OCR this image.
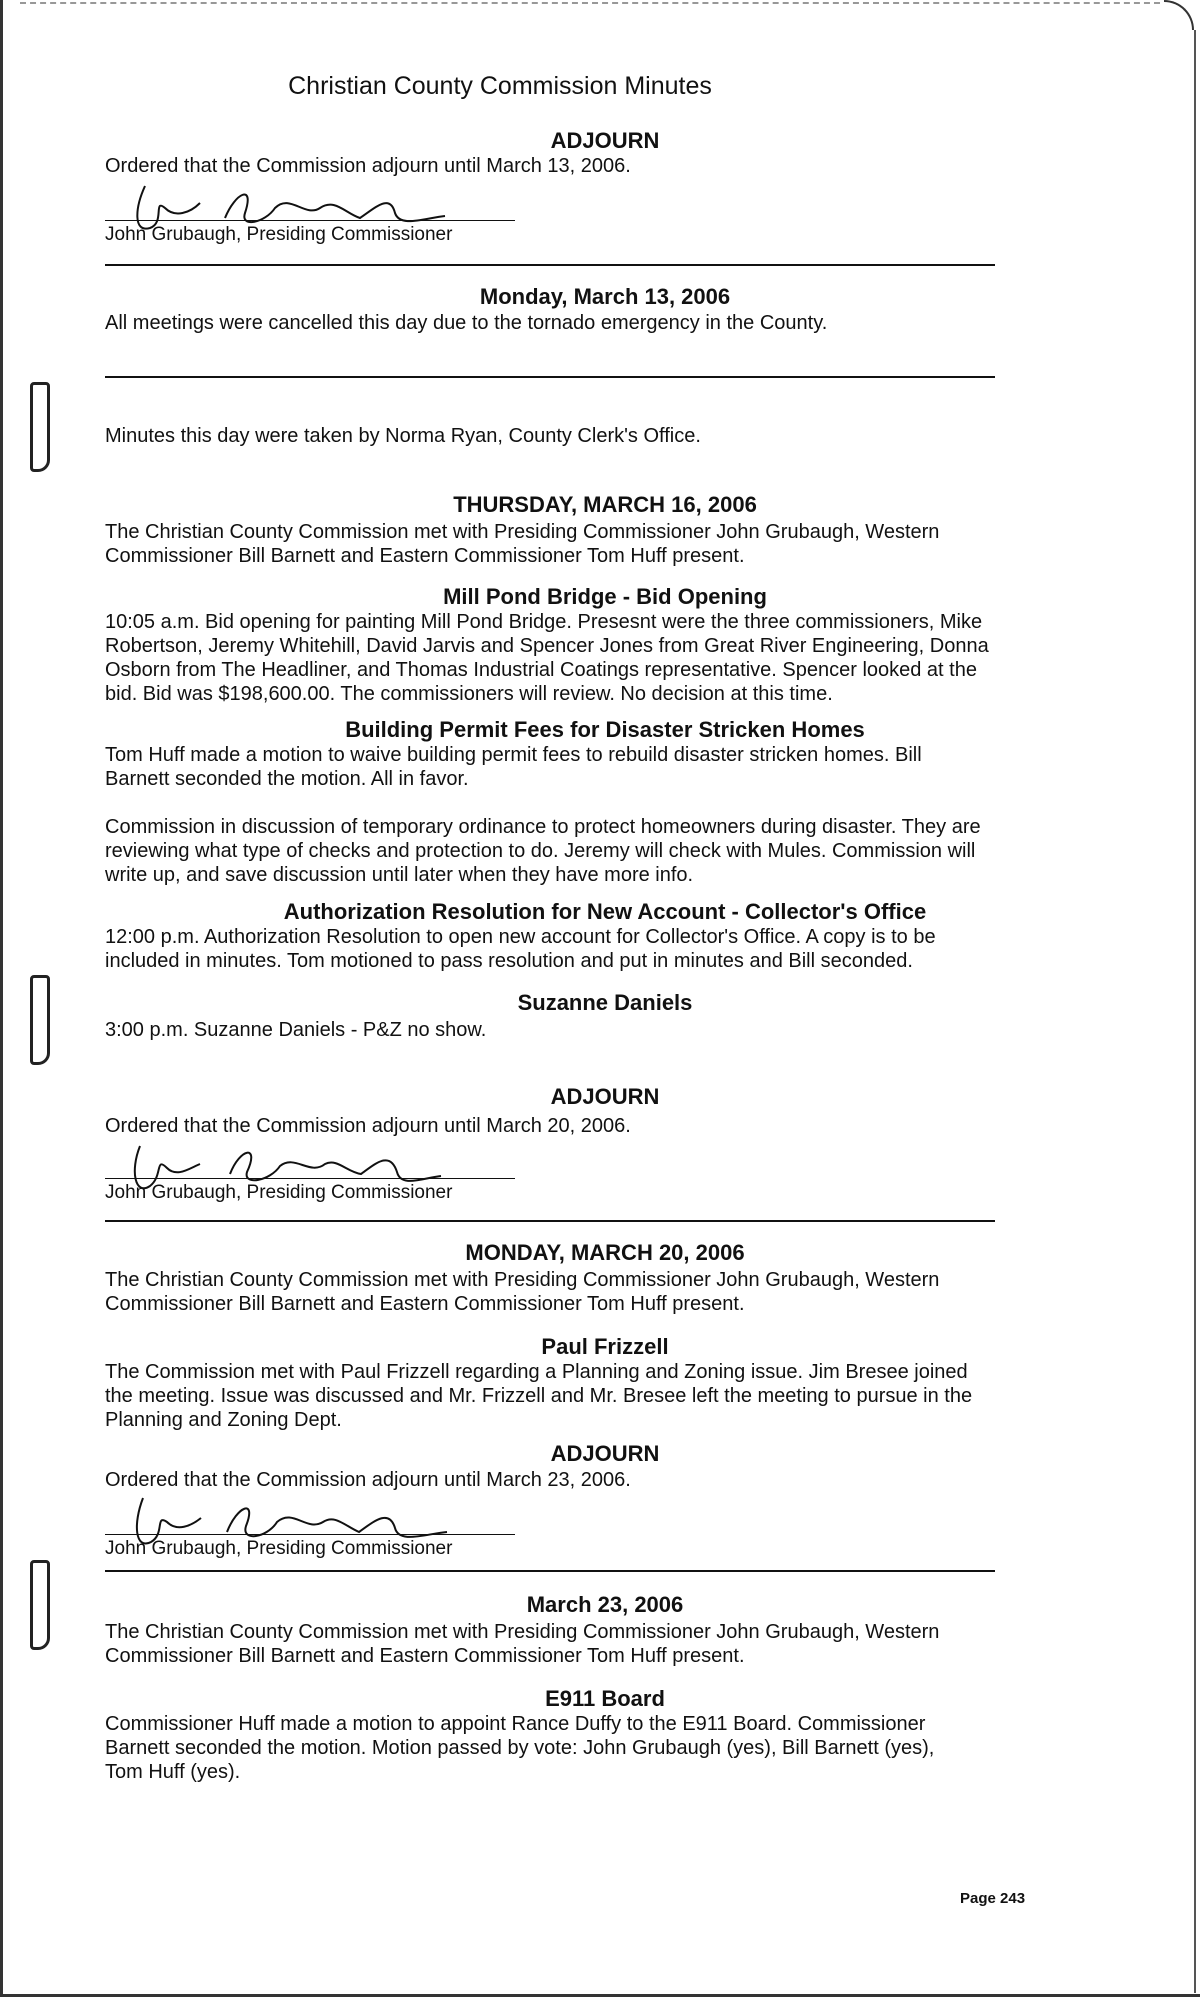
Christian County Commission Minutes
ADJOURN
Ordered that the Commission adjourn until March 13, 2006.
John Grubaugh, Presiding Commissioner
Monday, March 13, 2006
All meetings were cancelled this day due to the tornado emergency in the County.
Minutes this day were taken by Norma Ryan, County Clerk's Office.
THURSDAY, MARCH 16, 2006
The Christian County Commission met with Presiding Commissioner John Grubaugh, Western
Commissioner Bill Barnett and Eastern Commissioner Tom Huff present.
Mill Pond Bridge - Bid Opening
10:05 a.m. Bid opening for painting Mill Pond Bridge. Presesnt were the three commissioners, Mike
Robertson, Jeremy Whitehill, David Jarvis and Spencer Jones from Great River Engineering, Donna
Osborn from The Headliner, and Thomas Industrial Coatings representative. Spencer looked at the
bid. Bid was $198,600.00. The commissioners will review. No decision at this time.
Building Permit Fees for Disaster Stricken Homes
Tom Huff made a motion to waive building permit fees to rebuild disaster stricken homes. Bill
Barnett seconded the motion. All in favor.
Commission in discussion of temporary ordinance to protect homeowners during disaster. They are
reviewing what type of checks and protection to do. Jeremy will check with Mules. Commission will
write up, and save discussion until later when they have more info.
Authorization Resolution for New Account - Collector's Office
12:00 p.m. Authorization Resolution to open new account for Collector's Office. A copy is to be
included in minutes. Tom motioned to pass resolution and put in minutes and Bill seconded.
Suzanne Daniels
3:00 p.m. Suzanne Daniels - P&Z no show.
ADJOURN
Ordered that the Commission adjourn until March 20, 2006.
John Grubaugh, Presiding Commissioner
MONDAY, MARCH 20, 2006
The Christian County Commission met with Presiding Commissioner John Grubaugh, Western
Commissioner Bill Barnett and Eastern Commissioner Tom Huff present.
Paul Frizzell
The Commission met with Paul Frizzell regarding a Planning and Zoning issue. Jim Bresee joined
the meeting. Issue was discussed and Mr. Frizzell and Mr. Bresee left the meeting to pursue in the
Planning and Zoning Dept.
ADJOURN
Ordered that the Commission adjourn until March 23, 2006.
John Grubaugh, Presiding Commissioner
March 23, 2006
The Christian County Commission met with Presiding Commissioner John Grubaugh, Western
Commissioner Bill Barnett and Eastern Commissioner Tom Huff present.
E911 Board
Commissioner Huff made a motion to appoint Rance Duffy to the E911 Board. Commissioner
Barnett seconded the motion. Motion passed by vote: John Grubaugh (yes), Bill Barnett (yes),
Tom Huff (yes).
Page 243
